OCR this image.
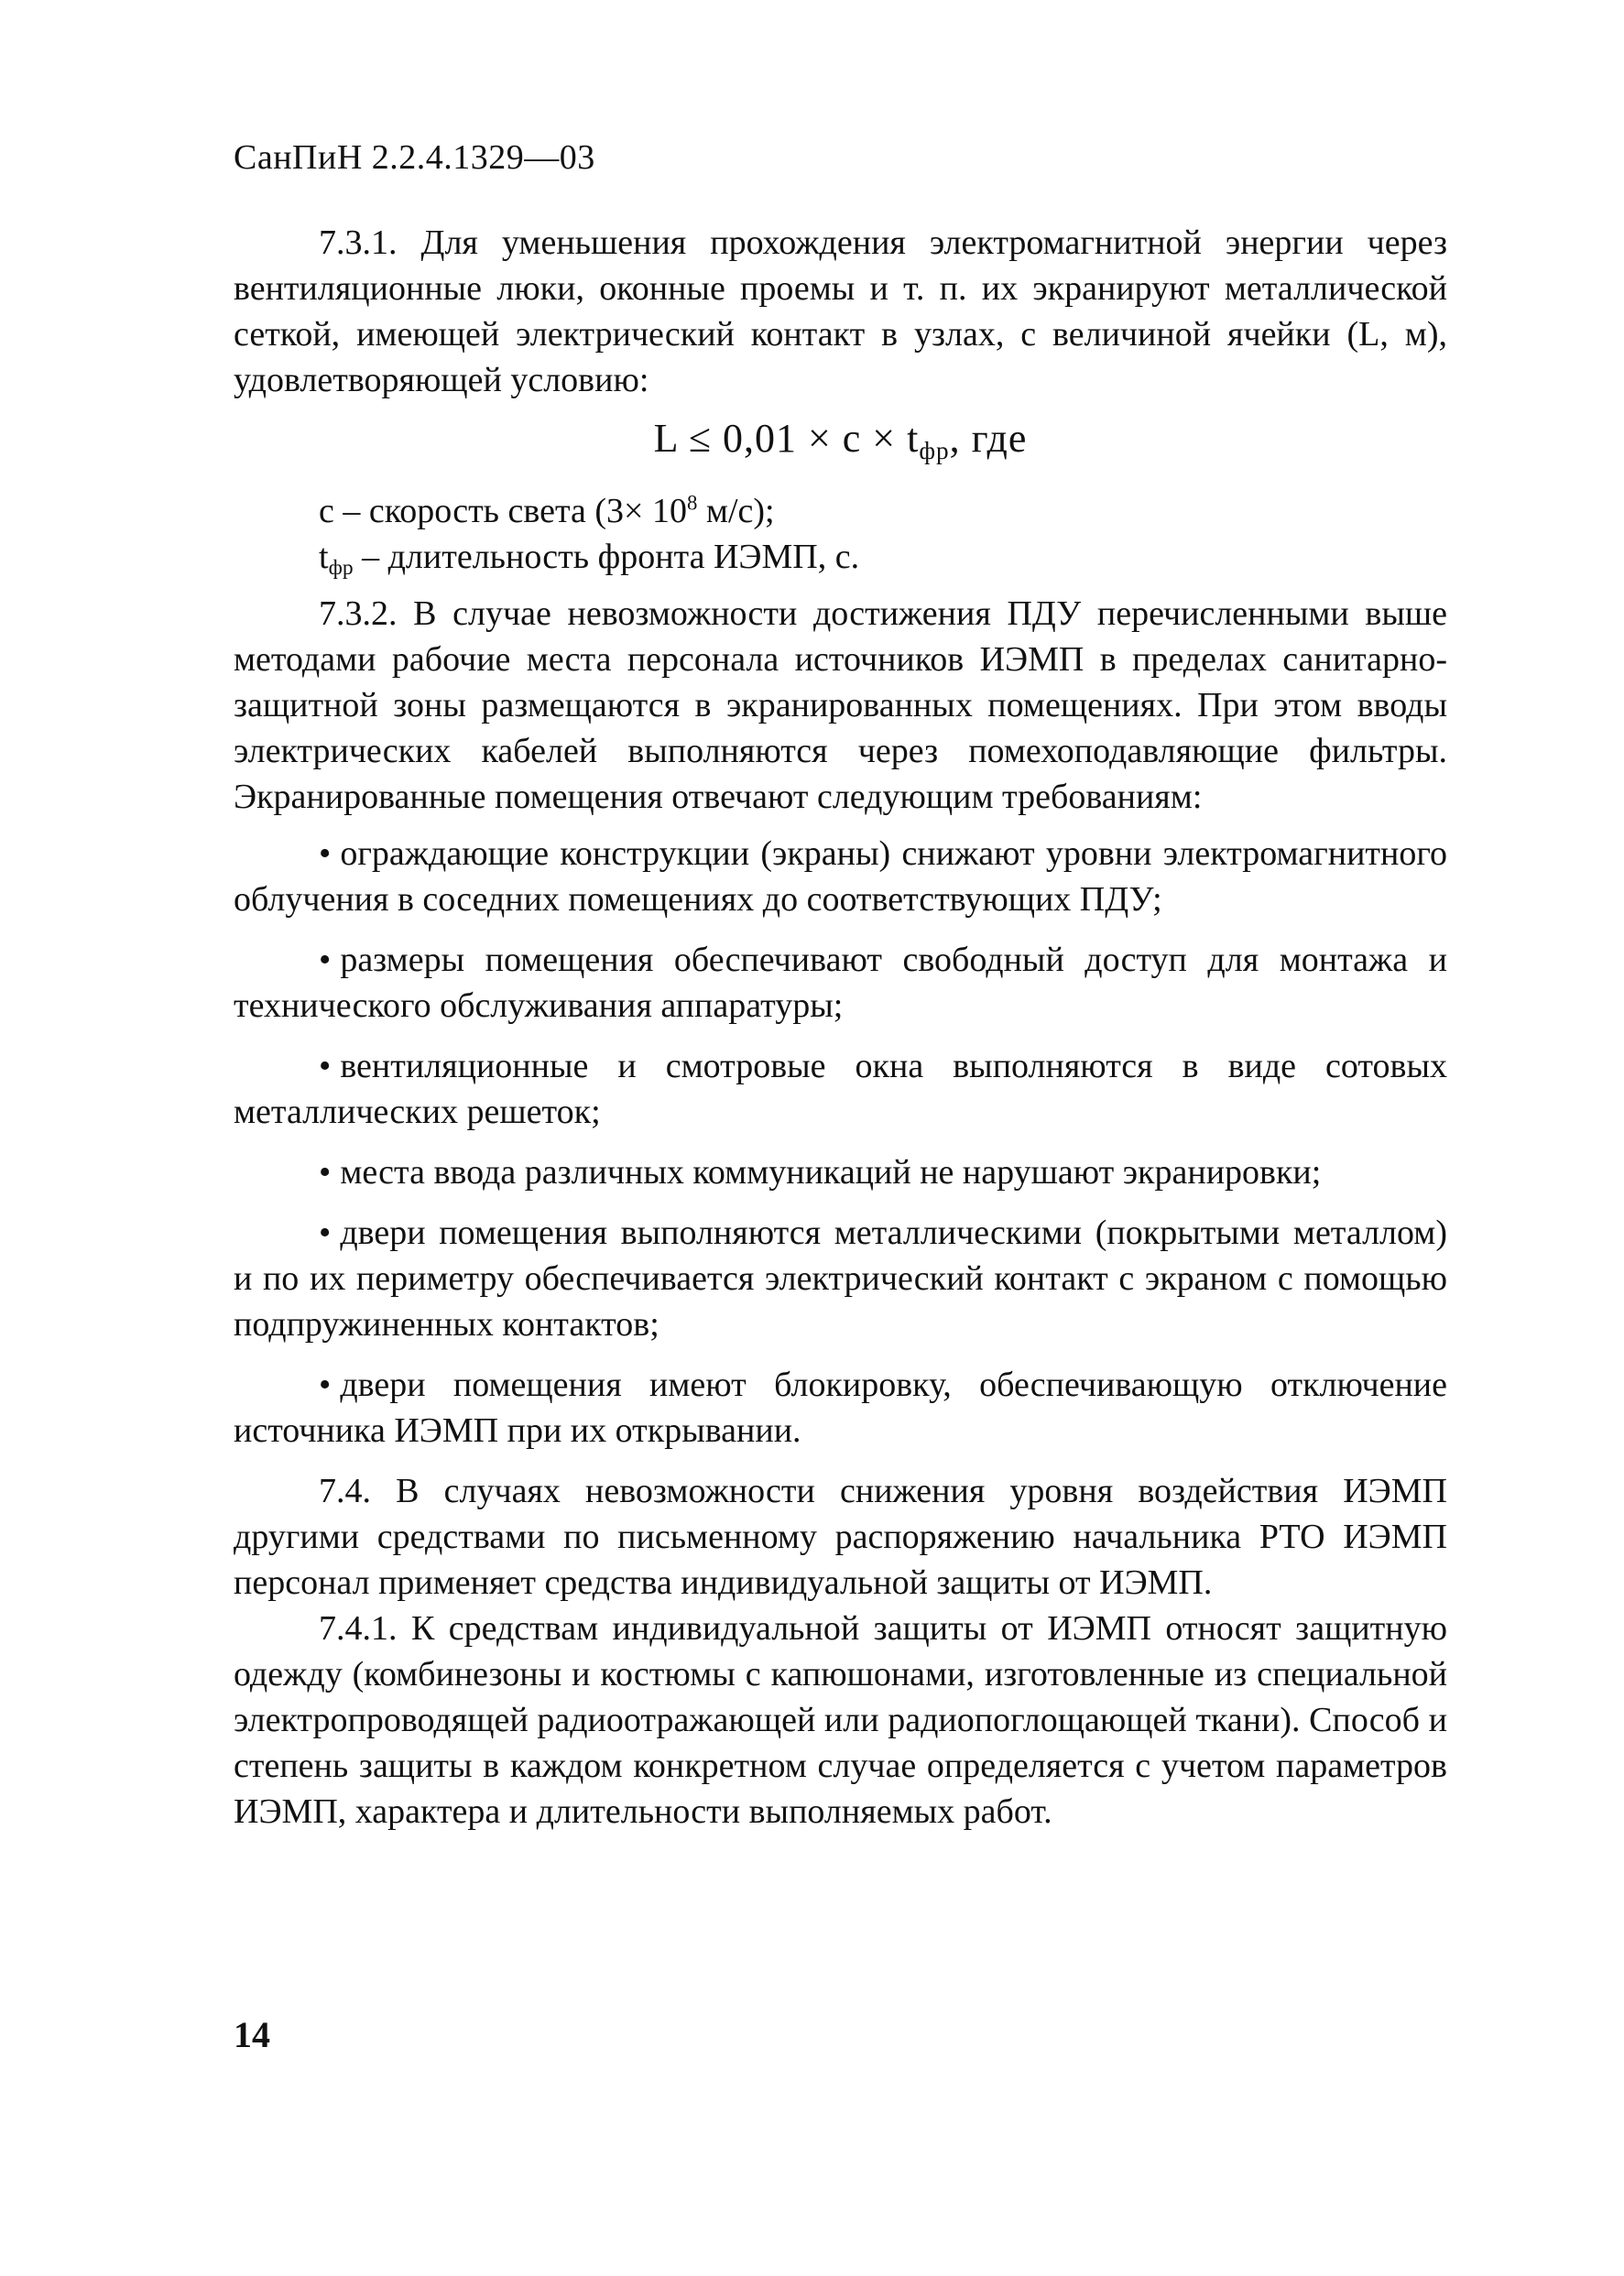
СанПиН 2.2.4.1329—03

7.3.1. Для уменьшения прохождения электромагнитной энергии через вентиляционные люки, оконные проемы и т. п. их экранируют металлической сеткой, имеющей электрический контакт в узлах, с величиной ячейки (L, м), удовлетворяющей условию:

$L \le 0,01 \times c \times t_{фр}$, где

c – скорость света ($3\times 10^8$ м/с);

$t_{фр}$ – длительность фронта ИЭМП, с.

7.3.2. В случае невозможности достижения ПДУ перечисленными выше методами рабочие места персонала источников ИЭМП в пределах санитарно-защитной зоны размещаются в экранированных помещениях. При этом вводы электрических кабелей выполняются через помехоподавляющие фильтры. Экранированные помещения отвечают следующим требованиям:

• ограждающие конструкции (экраны) снижают уровни электромагнитного облучения в соседних помещениях до соответствующих ПДУ;
• размеры помещения обеспечивают свободный доступ для монтажа и технического обслуживания аппаратуры;
• вентиляционные и смотровые окна выполняются в виде сотовых металлических решеток;
• места ввода различных коммуникаций не нарушают экранировки;
• двери помещения выполняются металлическими (покрытыми металлом) и по их периметру обеспечивается электрический контакт с экраном с помощью подпружиненных контактов;
• двери помещения имеют блокировку, обеспечивающую отключение источника ИЭМП при их открывании.

7.4. В случаях невозможности снижения уровня воздействия ИЭМП другими средствами по письменному распоряжению начальника РТО ИЭМП персонал применяет средства индивидуальной защиты от ИЭМП.

7.4.1. К средствам индивидуальной защиты от ИЭМП относят защитную одежду (комбинезоны и костюмы с капюшонами, изготовленные из специальной электропроводящей радиоотражающей или радиопоглощающей ткани). Способ и степень защиты в каждом конкретном случае определяется с учетом параметров ИЭМП, характера и длительности выполняемых работ.

14
